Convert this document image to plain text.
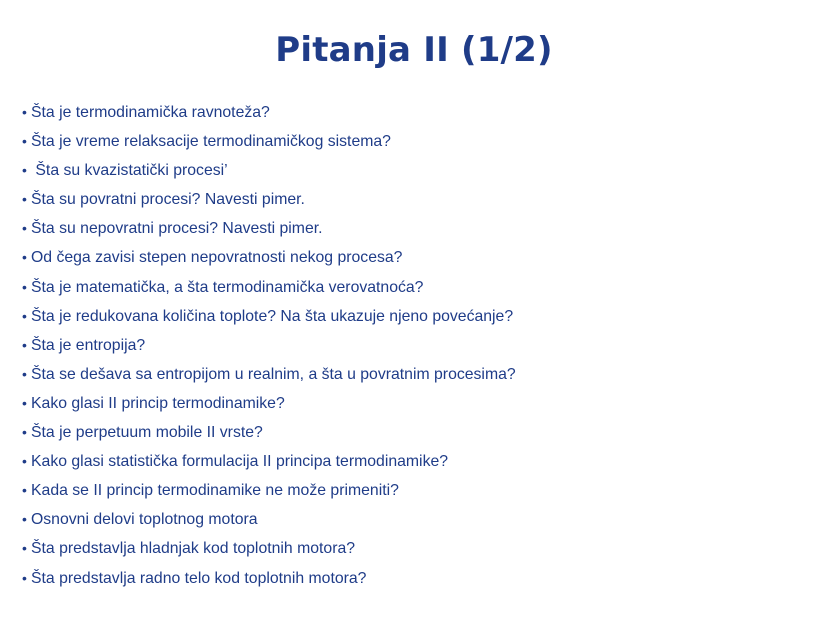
Pitanja II (1/2)
• Šta je termodinamička ravnoteža?
• Šta je vreme relaksacije termodinamičkog sistema?
• Šta su kvazistatički procesi’
• Šta su povratni procesi? Navesti pimer.
• Šta su nepovratni procesi? Navesti pimer.
• Od čega zavisi stepen nepovratnosti nekog procesa?
• Šta je matematička, a šta termodinamička verovatnoća?
• Šta je redukovana količina toplote? Na šta ukazuje njeno povećanje?
• Šta je entropija?
• Šta se dešava sa entropijom u realnim, a šta u povratnim procesima?
• Kako glasi II princip termodinamike?
• Šta je perpetuum mobile II vrste?
• Kako glasi statistička formulacija II principa termodinamike?
• Kada se II princip termodinamike ne može primeniti?
• Osnovni delovi toplotnog motora
• Šta predstavlja hladnjak kod toplotnih motora?
• Šta predstavlja radno telo kod toplotnih motora?
